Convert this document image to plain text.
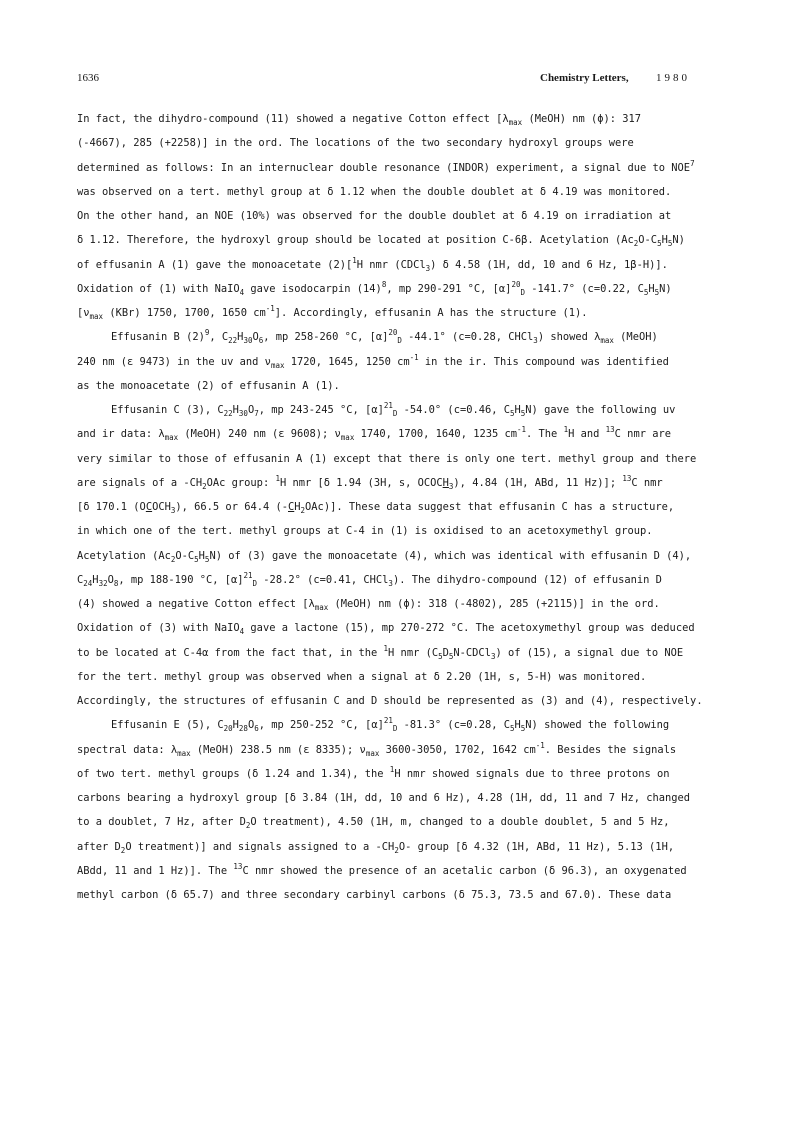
1636	Chemistry Letters, 1980
In fact, the dihydro-compound (11) showed a negative Cotton effect [$\lambda_{max}$ (MeOH) nm (ϕ): 317
(-4667), 285 (+2258)] in the ord. The locations of the two secondary hydroxyl groups were
determined as follows: In an internuclear double resonance (INDOR) experiment, a signal due to NOE$^7$
was observed on a tert. methyl group at δ 1.12 when the double doublet at δ 4.19 was monitored.
On the other hand, an NOE (10%) was observed for the double doublet at δ 4.19 on irradiation at
δ 1.12. Therefore, the hydroxyl group should be located at position C-6β. Acetylation $(Ac_2O-C_5H_5N)$
of effusanin A (1) gave the monoacetate (2)[$^1$H nmr (CDCl$_3$) δ 4.58 (1H, dd, 10 and 6 Hz, 1β-H)].
Oxidation of (1) with NaIO$_4$ gave isodocarpin $(14)^8$, mp 290-291 °C, $[\alpha]^{20}_D$ -141.7° (c=0.22, $C_5H_5N$)
[$\nu_{max}$ (KBr) 1750, 1700, 1650 $cm^{-1}$]. Accordingly, effusanin A has the structure (1).
Effusanin B $(2)^9$, $C_{22}H_{30}O_6$, mp 258-260 °C, $[\alpha]^{20}_D$ -44.1° (c=0.28, CHCl$_3$) showed $\lambda_{max}$ (MeOH)
240 nm (ε 9473) in the uv and $\nu_{max}$ 1720, 1645, 1250 $cm^{-1}$ in the ir. This compound was identified
as the monoacetate (2) of effusanin A (1).
Effusanin C (3), $C_{22}H_{30}O_7$, mp 243-245 °C, $[\alpha]^{21}_D$ -54.0° (c=0.46, $C_5H_5N$) gave the following uv
and ir data: $\lambda_{max}$ (MeOH) 240 nm (ε 9608); $\nu_{max}$ 1740, 1700, 1640, 1235 $cm^{-1}$. The $^1$H and $^{13}$C nmr are
very similar to those of effusanin A (1) except that there is only one tert. methyl group and there
are signals of a $-CH_2OAc$ group: $^1$H nmr [δ 1.94 (3H, s, $OCOCH_3$), 4.84 (1H, ABd, 11 Hz)]; $^{13}$C nmr
[δ 170.1 $(OCOCH_3)$, 66.5 or 64.4 $(-CH_2OAc)$]. These data suggest that effusanin C has a structure,
in which one of the tert. methyl groups at C-4 in (1) is oxidised to an acetoxymethyl group.
Acetylation $(Ac_2O-C_5H_5N)$ of (3) gave the monoacetate (4), which was identical with effusanin D (4),
$C_{24}H_{32}O_8$, mp 188-190 °C, $[\alpha]^{21}_D$ -28.2° (c=0.41, CHCl$_3$). The dihydro-compound (12) of effusanin D
(4) showed a negative Cotton effect [$\lambda_{max}$ (MeOH) nm (ϕ): 318 (-4802), 285 (+2115)] in the ord.
Oxidation of (3) with NaIO$_4$ gave a lactone (15), mp 270-272 °C. The acetoxymethyl group was deduced
to be located at C-4α from the fact that, in the $^1$H nmr $(C_5D_5N-CDCl_3)$ of (15), a signal due to NOE
for the tert. methyl group was observed when a signal at δ 2.20 (1H, s, 5-H) was monitored.
Accordingly, the structures of effusanin C and D should be represented as (3) and (4), respectively.
Effusanin E (5), $C_{20}H_{28}O_6$, mp 250-252 °C, $[\alpha]^{21}_D$ -81.3° (c=0.28, $C_5H_5N$) showed the following
spectral data: $\lambda_{max}$ (MeOH) 238.5 nm (ε 8335); $\nu_{max}$ 3600-3050, 1702, 1642 $cm^{-1}$. Besides the signals
of two tert. methyl groups (δ 1.24 and 1.34), the $^1$H nmr showed signals due to three protons on
carbons bearing a hydroxyl group [δ 3.84 (1H, dd, 10 and 6 Hz), 4.28 (1H, dd, 11 and 7 Hz, changed
to a doublet, 7 Hz, after $D_2O$ treatment), 4.50 (1H, m, changed to a double doublet, 5 and 5 Hz,
after $D_2O$ treatment)] and signals assigned to a $-CH_2O-$ group [δ 4.32 (1H, ABd, 11 Hz), 5.13 (1H,
ABdd, 11 and 1 Hz)]. The $^{13}$C nmr showed the presence of an acetalic carbon (δ 96.3), an oxygenated
methyl carbon (δ 65.7) and three secondary carbinyl carbons (δ 75.3, 73.5 and 67.0). These data
